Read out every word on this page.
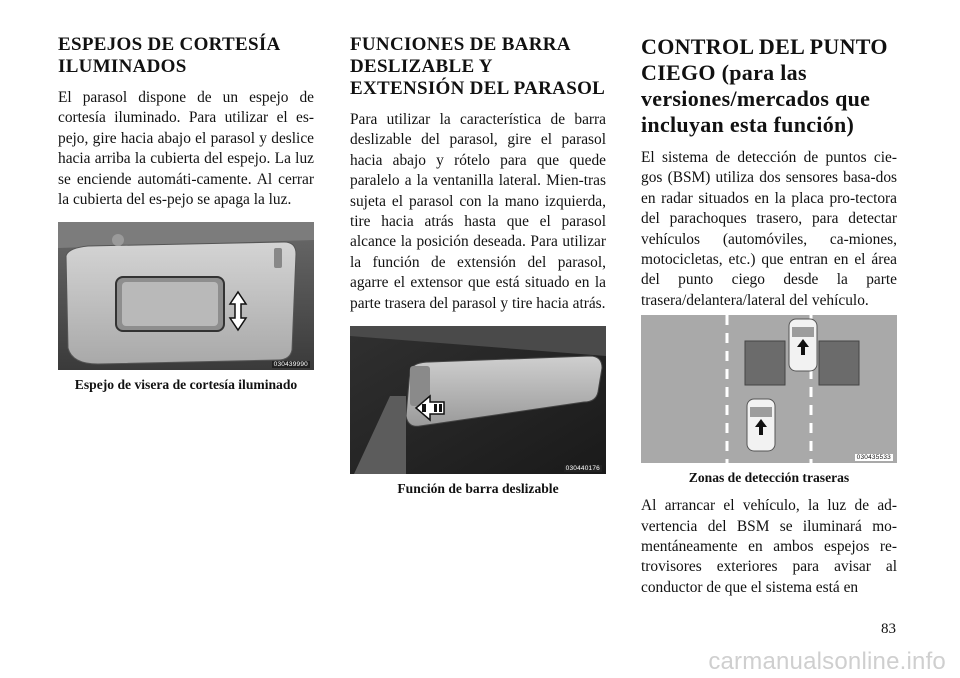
ESPEJOS DE CORTESÍA ILUMINADOS

El parasol dispone de un espejo de cortesía iluminado. Para utilizar el es-pejo, gire hacia abajo el parasol y deslice hacia arriba la cubierta del espejo. La luz se enciende automáti-camente. Al cerrar la cubierta del es-pejo se apaga la luz.

030439990
Espejo de visera de cortesía iluminado
FUNCIONES DE BARRA DESLIZABLE Y EXTENSIÓN DEL PARASOL

Para utilizar la característica de barra deslizable del parasol, gire el parasol hacia abajo y rótelo para que quede paralelo a la ventanilla lateral. Mien-tras sujeta el parasol con la mano izquierda, tire hacia atrás hasta que el parasol alcance la posición deseada. Para utilizar la función de extensión del parasol, agarre el extensor que está situado en la parte trasera del parasol y tire hacia atrás.

030440176
Función de barra deslizable
CONTROL DEL PUNTO CIEGO (para las versiones/mercados que incluyan esta función)

El sistema de detección de puntos cie-gos (BSM) utiliza dos sensores basa-dos en radar situados en la placa pro-tectora del parachoques trasero, para detectar vehículos (automóviles, ca-miones, motocicletas, etc.) que entran en el área del punto ciego desde la parte trasera/delantera/lateral del vehículo.

030435533
Zonas de detección traseras

Al arrancar el vehículo, la luz de ad-vertencia del BSM se iluminará mo-mentáneamente en ambos espejos re-trovisores exteriores para avisar al conductor de que el sistema está en

83
carmanualsonline.info
